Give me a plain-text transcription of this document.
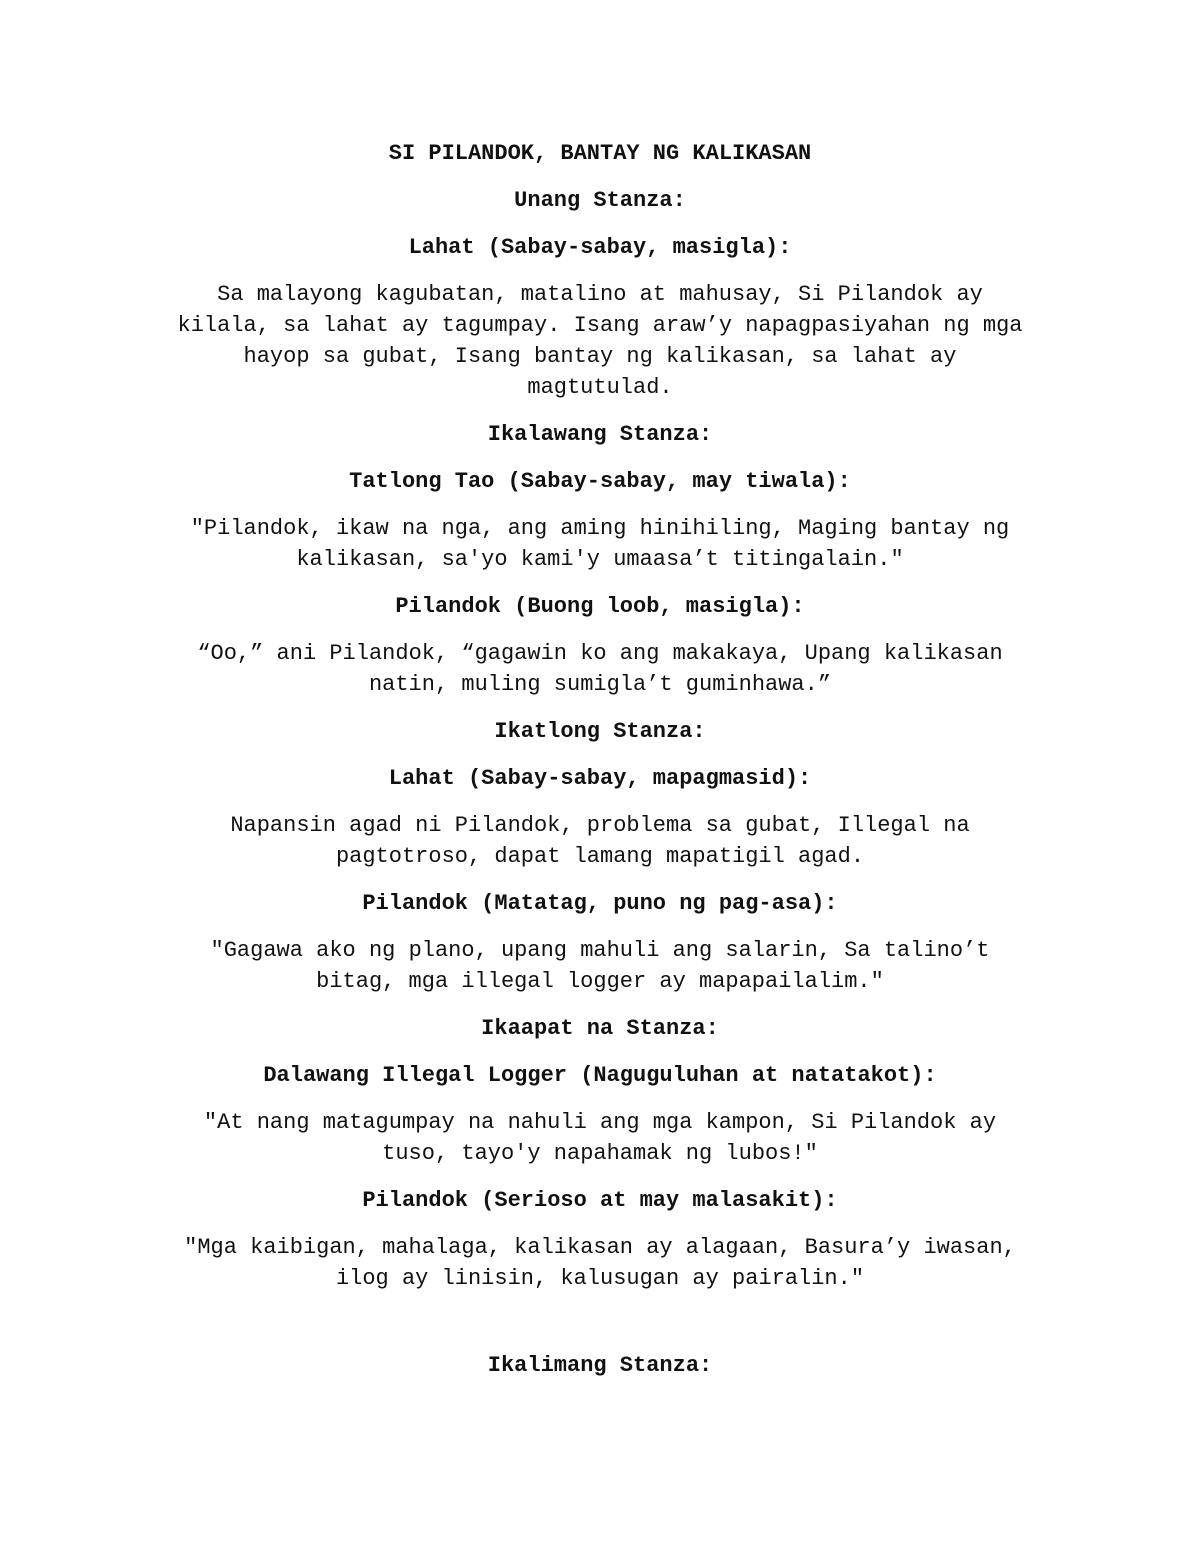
SI PILANDOK, BANTAY NG KALIKASAN

Unang Stanza:

Lahat (Sabay-sabay, masigla):

Sa malayong kagubatan, matalino at mahusay, Si Pilandok ay

kilala, sa lahat ay tagumpay. Isang araw’y napagpasiyahan ng mga

hayop sa gubat, Isang bantay ng kalikasan, sa lahat ay

magtutulad.

Ikalawang Stanza:

Tatlong Tao (Sabay-sabay, may tiwala):

"Pilandok, ikaw na nga, ang aming hinihiling, Maging bantay ng

kalikasan, sa'yo kami'y umaasa’t titingalain."

Pilandok (Buong loob, masigla):

“Oo,” ani Pilandok, “gagawin ko ang makakaya, Upang kalikasan

natin, muling sumigla’t guminhawa.”

Ikatlong Stanza:

Lahat (Sabay-sabay, mapagmasid):

Napansin agad ni Pilandok, problema sa gubat, Illegal na

pagtotroso, dapat lamang mapatigil agad.

Pilandok (Matatag, puno ng pag-asa):

"Gagawa ako ng plano, upang mahuli ang salarin, Sa talino’t

bitag, mga illegal logger ay mapapailalim."

Ikaapat na Stanza:

Dalawang Illegal Logger (Naguguluhan at natatakot):

"At nang matagumpay na nahuli ang mga kampon, Si Pilandok ay

tuso, tayo'y napahamak ng lubos!"

Pilandok (Serioso at may malasakit):

"Mga kaibigan, mahalaga, kalikasan ay alagaan, Basura’y iwasan,

ilog ay linisin, kalusugan ay pairalin."

Ikalimang Stanza:
